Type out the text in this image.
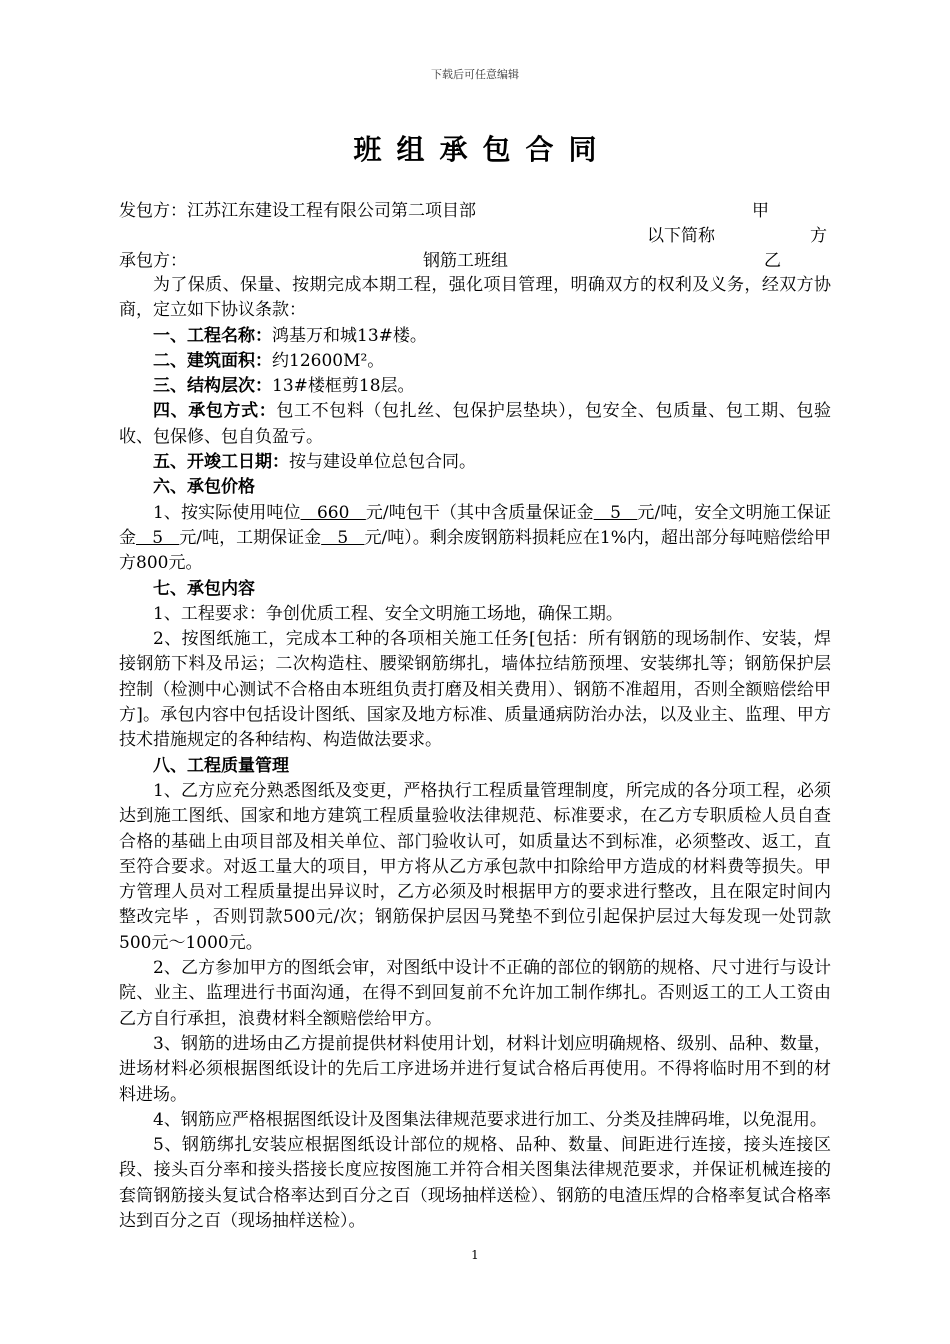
下载后可任意编辑
班组承包合同
发包方：江苏江东建设工程有限公司第二项目部	甲
以下简称	方
承包方：	钢筋工班组	乙

为了保质、保量、按期完成本期工程，强化项目管理，明确双方的权利及义务，经双方协商，定立如下协议条款：

一、工程名称：鸿基万和城13#楼。

二、建筑面积：约12600M²。

三、结构层次：13#楼框剪18层。

四、承包方式：包工不包料（包扎丝、包保护层垫块），包安全、包质量、包工期、包验收、包保修、包自负盈亏。

五、开竣工日期：按与建设单位总包合同。

六、承包价格

1、按实际使用吨位   660   元/吨包干（其中含质量保证金   5   元/吨，安全文明施工保证金   5   元/吨，工期保证金   5   元/吨）。剩余废钢筋料损耗应在1%内，超出部分每吨赔偿给甲方800元。

七、承包内容

1、工程要求：争创优质工程、安全文明施工场地，确保工期。

2、按图纸施工，完成本工种的各项相关施工任务[包括：所有钢筋的现场制作、安装，焊接钢筋下料及吊运；二次构造柱、腰梁钢筋绑扎，墙体拉结筋预埋、安装绑扎等；钢筋保护层控制（检测中心测试不合格由本班组负责打磨及相关费用）、钢筋不准超用，否则全额赔偿给甲方]。承包内容中包括设计图纸、国家及地方标准、质量通病防治办法，以及业主、监理、甲方技术措施规定的各种结构、构造做法要求。

八、工程质量管理

1、乙方应充分熟悉图纸及变更，严格执行工程质量管理制度，所完成的各分项工程，必须达到施工图纸、国家和地方建筑工程质量验收法律规范、标准要求，在乙方专职质检人员自查合格的基础上由项目部及相关单位、部门验收认可，如质量达不到标准，必须整改、返工，直至符合要求。对返工量大的项目，甲方将从乙方承包款中扣除给甲方造成的材料费等损失。甲方管理人员对工程质量提出异议时，乙方必须及时根据甲方的要求进行整改，且在限定时间内整改完毕 ，否则罚款500元/次；钢筋保护层因马凳垫不到位引起保护层过大每发现一处罚款500元～1000元。

2、乙方参加甲方的图纸会审，对图纸中设计不正确的部位的钢筋的规格、尺寸进行与设计院、业主、监理进行书面沟通，在得不到回复前不允许加工制作绑扎。否则返工的工人工资由乙方自行承担，浪费材料全额赔偿给甲方。

3、钢筋的进场由乙方提前提供材料使用计划，材料计划应明确规格、级别、品种、数量，进场材料必须根据图纸设计的先后工序进场并进行复试合格后再使用。不得将临时用不到的材料进场。

4、钢筋应严格根据图纸设计及图集法律规范要求进行加工、分类及挂牌码堆，以免混用。

5、钢筋绑扎安装应根据图纸设计部位的规格、品种、数量、间距进行连接，接头连接区段、接头百分率和接头搭接长度应按图施工并符合相关图集法律规范要求，并保证机械连接的套筒钢筋接头复试合格率达到百分之百（现场抽样送检）、钢筋的电渣压焊的合格率复试合格率达到百分之百（现场抽样送检）。

1
